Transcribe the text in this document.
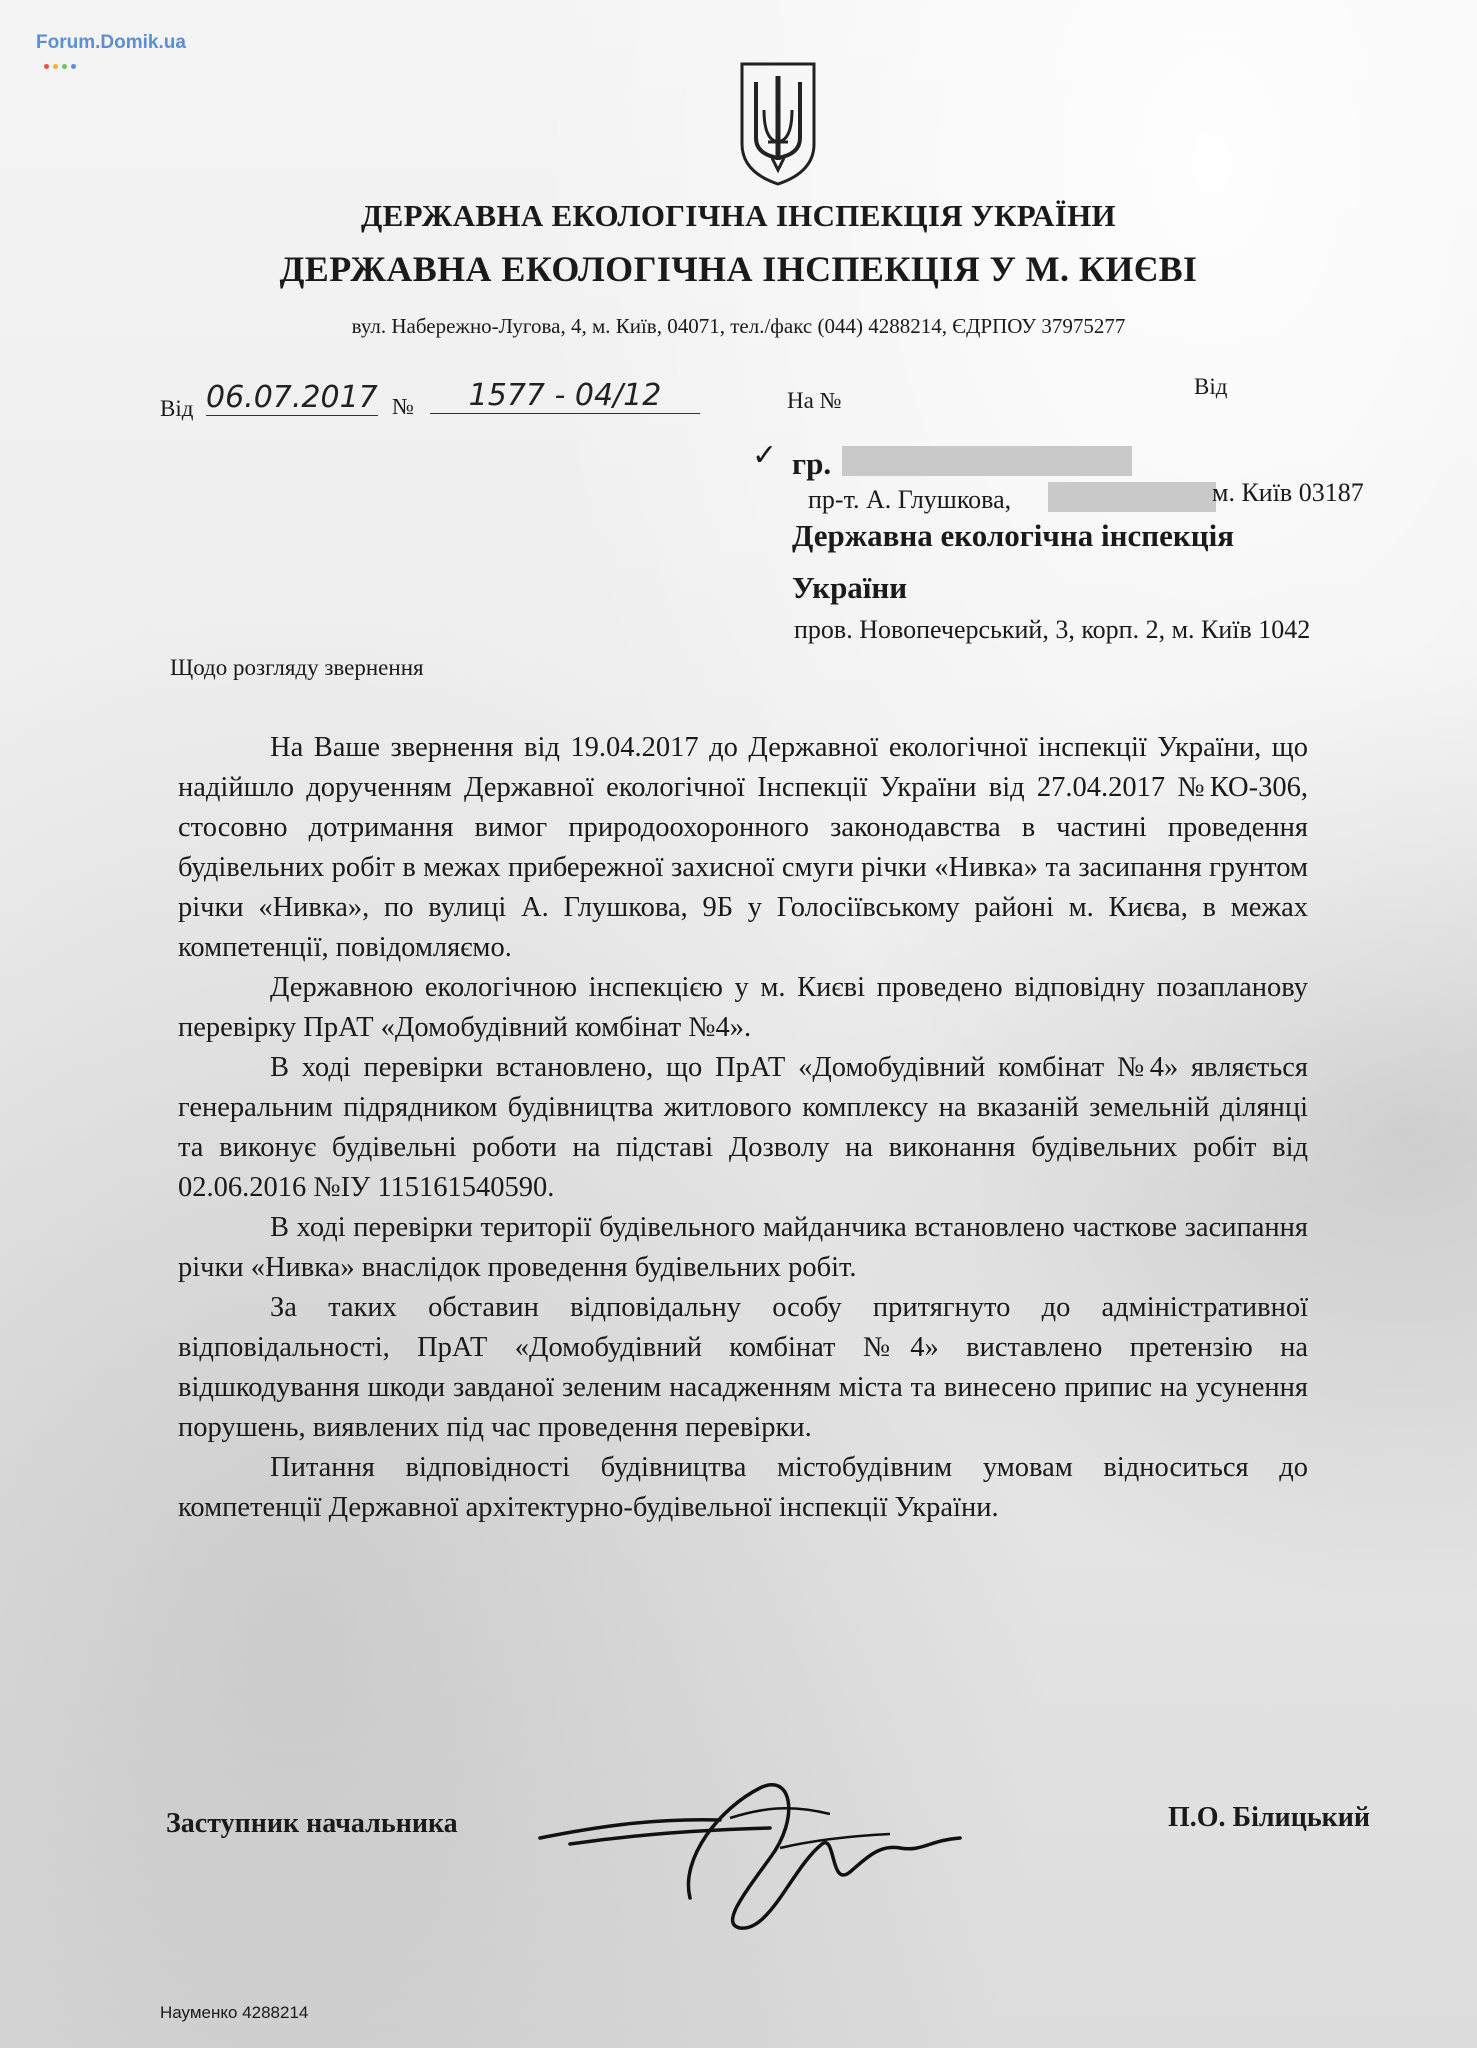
Forum.Domik.ua
ДЕРЖАВНА ЕКОЛОГІЧНА ІНСПЕКЦІЯ УКРАЇНИ
ДЕРЖАВНА ЕКОЛОГІЧНА ІНСПЕКЦІЯ У М. КИЄВІ
вул. Набережно-Лугова, 4, м. Київ, 04071, тел./факс (044) 4288214, ЄДРПОУ 37975277
Від 06.07.2017 №	1577 - 04/12	На №
Від
✓ гр.
пр-т. А. Глушкова,	м. Київ 03187
Державна екологічна інспекція
України
пров. Новопечерський, 3, корп. 2, м. Київ 1042
Щодо розгляду звернення

На Ваше звернення від 19.04.2017 до Державної екологічної інспекції України, що надійшло дорученням Державної екологічної Інспекції України від 27.04.2017 №КО-306, стосовно дотримання вимог природоохоронного законодавства в частині проведення будівельних робіт в межах прибережної захисної смуги річки «Нивка» та засипання грунтом річки «Нивка», по вулиці А. Глушкова, 9Б у Голосіївському районі м. Києва, в межах компетенції, повідомляємо.

Державною екологічною інспекцією у м. Києві проведено відповідну позапланову перевірку ПрАТ «Домобудівний комбінат №4».

В ході перевірки встановлено, що ПрАТ «Домобудівний комбінат №4» являється генеральним підрядником будівництва житлового комплексу на вказаній земельній ділянці та виконує будівельні роботи на підставі Дозволу на виконання будівельних робіт від 02.06.2016 №ІУ 115161540590.

В ході перевірки території будівельного майданчика встановлено часткове засипання річки «Нивка» внаслідок проведення будівельних робіт.

За таких обставин відповідальну особу притягнуто до адміністративної відповідальності, ПрАТ «Домобудівний комбінат №4» виставлено претензію на відшкодування шкоди завданої зеленим насадженням міста та винесено припис на усунення порушень, виявлених під час проведення перевірки.

Питання відповідності будівництва містобудівним умовам відноситься до компетенції Державної архітектурно-будівельної інспекції України.

Заступник начальника	П.О. Білицький
Науменко 4288214
